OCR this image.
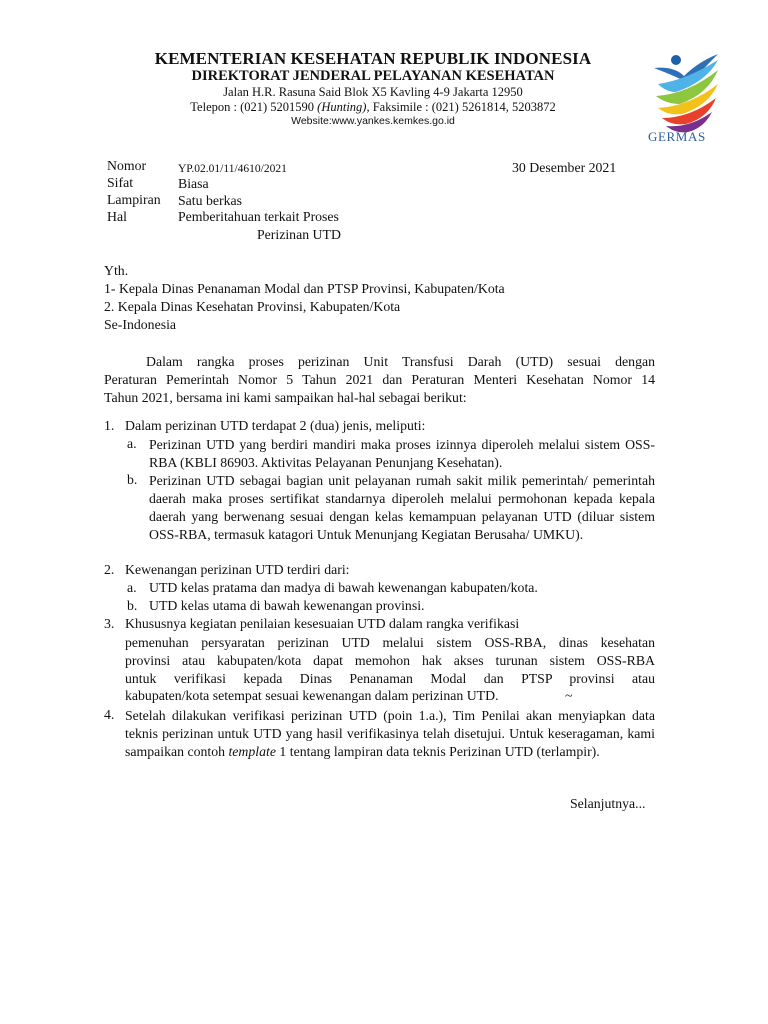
KEMENTERIAN KESEHATAN REPUBLIK INDONESIA
DIREKTORAT JENDERAL PELAYANAN KESEHATAN
Jalan H.R. Rasuna Said Blok X5 Kavling 4-9 Jakarta 12950
Telepon : (021) 5201590 (Hunting), Faksimile : (021) 5261814, 5203872
Website:www.yankes.kemkes.go.id
GERMAS
Nomor	YP.02.01/11/4610/2021	30 Desember 2021
Sifat	Biasa
Lampiran Satu berkas
Hal	Pemberitahuan terkait Proses
Perizinan UTD
Yth.
1- Kepala Dinas Penanaman Modal dan PTSP Provinsi, Kabupaten/Kota
2. Kepala Dinas Kesehatan Provinsi, Kabupaten/Kota
Se-Indonesia
Dalam rangka proses perizinan Unit Transfusi Darah (UTD) sesuai dengan
Peraturan Pemerintah Nomor 5 Tahun 2021 dan Peraturan Menteri Kesehatan Nomor 14
Tahun 2021, bersama ini kami sampaikan hal-hal sebagai berikut:
1. Dalam perizinan UTD terdapat 2 (dua) jenis, meliputi:
a. Perizinan UTD yang berdiri mandiri maka proses izinnya diperoleh melalui sistem OSS-RBA (KBLI 86903. Aktivitas Pelayanan Penunjang Kesehatan).
b. Perizinan UTD sebagai bagian unit pelayanan rumah sakit milik pemerintah/ pemerintah daerah maka proses sertifikat standarnya diperoleh melalui permohonan kepada kepala daerah yang berwenang sesuai dengan kelas kemampuan pelayanan UTD (diluar sistem OSS-RBA, termasuk katagori Untuk Menunjang Kegiatan Berusaha/ UMKU).
2. Kewenangan perizinan UTD terdiri dari:
a. UTD kelas pratama dan madya di bawah kewenangan kabupaten/kota.
b. UTD kelas utama di bawah kewenangan provinsi.
3. Khususnya kegiatan penilaian kesesuaian UTD dalam rangka verifikasi
pemenuhan persyaratan perizinan UTD melalui sistem OSS-RBA, dinas kesehatan
provinsi atau kabupaten/kota dapat memohon hak akses turunan sistem OSS-RBA
untuk verifikasi kepada Dinas Penanaman Modal dan PTSP provinsi atau
kabupaten/kota setempat sesuai kewenangan dalam perizinan UTD.	~
4. Setelah dilakukan verifikasi perizinan UTD (poin 1.a.), Tim Penilai akan menyiapkan data teknis perizinan untuk UTD yang hasil verifikasinya telah disetujui. Untuk keseragaman, kami sampaikan contoh template 1 tentang lampiran data teknis Perizinan UTD (terlampir).
Selanjutnya...
